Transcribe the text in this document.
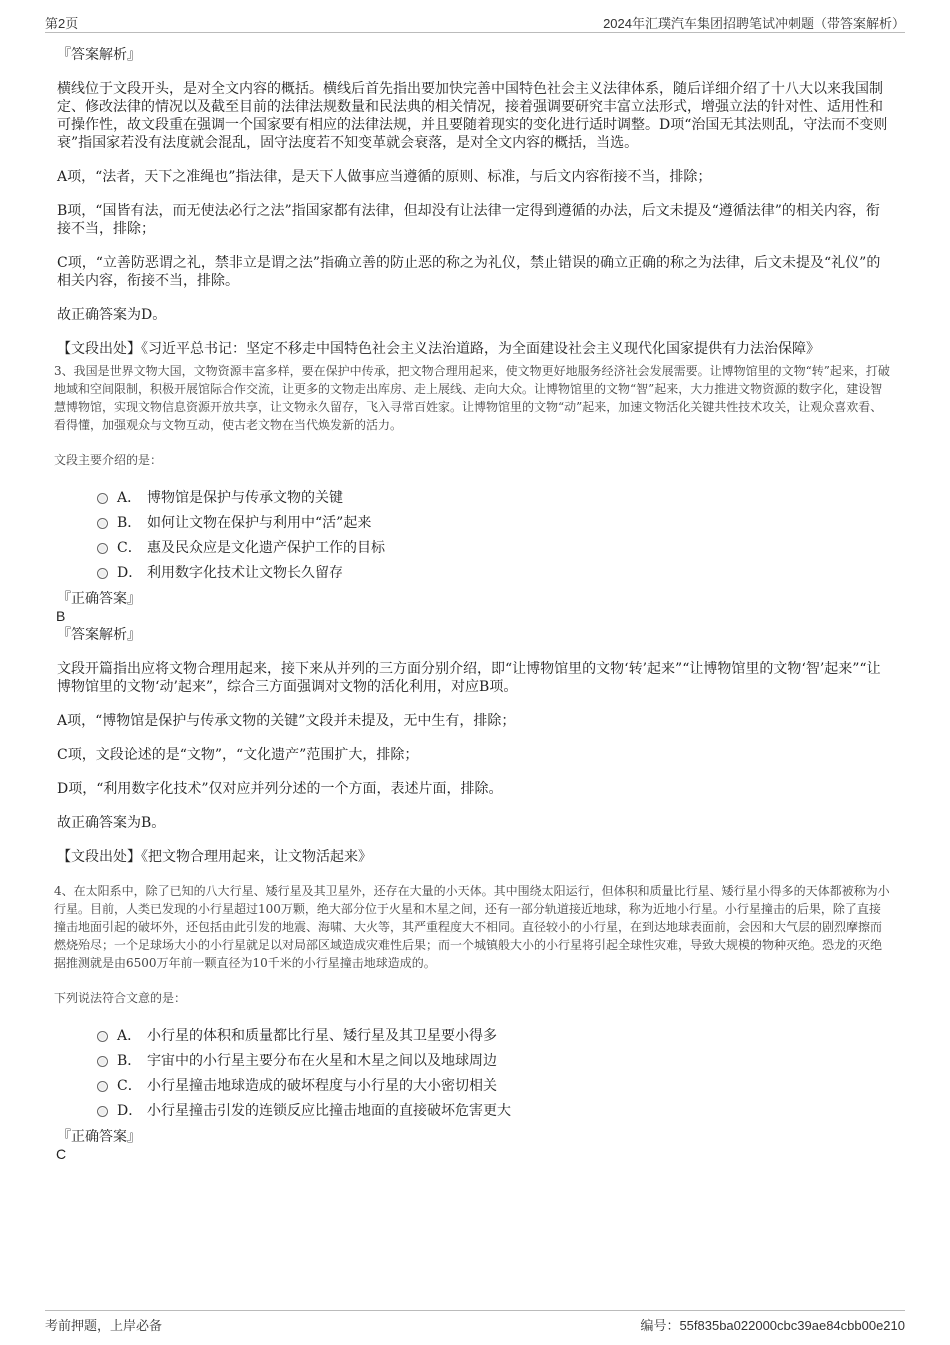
第2页	2024年汇璞汽车集团招聘笔试冲刺题（带答案解析）

『答案解析』

横线位于文段开头，是对全文内容的概括。横线后首先指出要加快完善中国特色社会主义法律体系，随后详细介绍了十八大以来我国制定、修改法律的情况以及截至目前的法律法规数量和民法典的相关情况，接着强调要研究丰富立法形式，增强立法的针对性、适用性和可操作性，故文段重在强调一个国家要有相应的法律法规，并且要随着现实的变化进行适时调整。D项“治国无其法则乱，守法而不变则衰”指国家若没有法度就会混乱，固守法度若不知变革就会衰落，是对全文内容的概括，当选。

A项，“法者，天下之准绳也”指法律，是天下人做事应当遵循的原则、标准，与后文内容衔接不当，排除；

B项，“国皆有法，而无使法必行之法”指国家都有法律，但却没有让法律一定得到遵循的办法，后文未提及“遵循法律”的相关内容，衔接不当，排除；

C项，“立善防恶谓之礼，禁非立是谓之法”指确立善的防止恶的称之为礼仪，禁止错误的确立正确的称之为法律，后文未提及“礼仪”的相关内容，衔接不当，排除。

故正确答案为D。

【文段出处】《习近平总书记：坚定不移走中国特色社会主义法治道路，为全面建设社会主义现代化国家提供有力法治保障》

3、我国是世界文物大国，文物资源丰富多样，要在保护中传承，把文物合理用起来，使文物更好地服务经济社会发展需要。让博物馆里的文物“转”起来，打破地域和空间限制，积极开展馆际合作交流，让更多的文物走出库房、走上展线、走向大众。让博物馆里的文物“智”起来，大力推进文物资源的数字化，建设智慧博物馆，实现文物信息资源开放共享，让文物永久留存，飞入寻常百姓家。让博物馆里的文物“动”起来，加速文物活化关键共性技术攻关，让观众喜欢看、看得懂，加强观众与文物互动，使古老文物在当代焕发新的活力。

文段主要介绍的是：

A． 博物馆是保护与传承文物的关键
B． 如何让文物在保护与利用中“活”起来
C． 惠及民众应是文化遗产保护工作的目标
D． 利用数字化技术让文物长久留存

『正确答案』

B

『答案解析』

文段开篇指出应将文物合理用起来，接下来从并列的三方面分别介绍，即“让博物馆里的文物‘转’起来”“让博物馆里的文物‘智’起来”“让博物馆里的文物‘动’起来”，综合三方面强调对文物的活化利用，对应B项。

A项，“博物馆是保护与传承文物的关键”文段并未提及，无中生有，排除；

C项，文段论述的是“文物”，“文化遗产”范围扩大，排除；

D项，“利用数字化技术”仅对应并列分述的一个方面，表述片面，排除。

故正确答案为B。

【文段出处】《把文物合理用起来，让文物活起来》

4、在太阳系中，除了已知的八大行星、矮行星及其卫星外，还存在大量的小天体。其中围绕太阳运行，但体积和质量比行星、矮行星小得多的天体都被称为小行星。目前，人类已发现的小行星超过100万颗，绝大部分位于火星和木星之间，还有一部分轨道接近地球，称为近地小行星。小行星撞击的后果，除了直接撞击地面引起的破坏外，还包括由此引发的地震、海啸、大火等，其严重程度大不相同。直径较小的小行星，在到达地球表面前，会因和大气层的剧烈摩擦而燃烧殆尽；一个足球场大小的小行星就足以对局部区域造成灾难性后果；而一个城镇般大小的小行星将引起全球性灾难，导致大规模的物种灭绝。恐龙的灭绝据推测就是由6500万年前一颗直径为10千米的小行星撞击地球造成的。

下列说法符合文意的是：

A． 小行星的体积和质量都比行星、矮行星及其卫星要小得多
B． 宇宙中的小行星主要分布在火星和木星之间以及地球周边
C． 小行星撞击地球造成的破坏程度与小行星的大小密切相关
D． 小行星撞击引发的连锁反应比撞击地面的直接破坏危害更大

『正确答案』

C

考前押题，上岸必备	编号：55f835ba022000cbc39ae84cbb00e210
